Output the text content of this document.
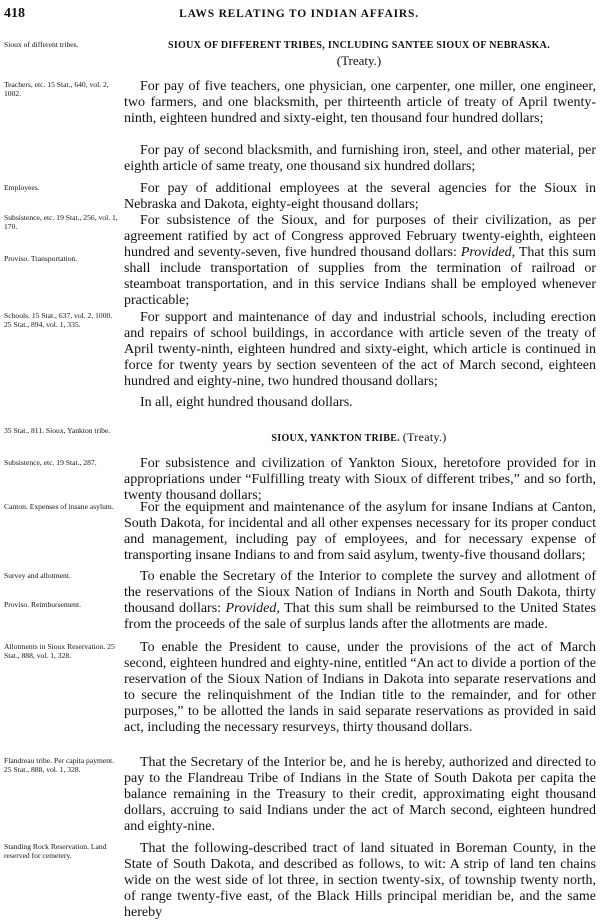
418	LAWS RELATING TO INDIAN AFFAIRS.
Sioux of different tribes.	SIOUX OF DIFFERENT TRIBES, INCLUDING SANTEE SIOUX OF NEBRASKA.
(Treaty.)
Teachers, etc. 15 Stat., 640, vol. 2, 1002.	For pay of five teachers, one physician, one carpenter, one miller, one engineer, two farmers, and one blacksmith, per thirteenth article of treaty of April twenty-ninth, eighteen hundred and sixty-eight, ten thousand four hundred dollars;

For pay of second blacksmith, and furnishing iron, steel, and other material, per eighth article of same treaty, one thousand six hundred dollars;

Employees.	For pay of additional employees at the several agencies for the Sioux in Nebraska and Dakota, eighty-eight thousand dollars;

Subsistence, etc. 19 Stat., 256, vol. 1, 170.
Proviso. Transportation.

For subsistence of the Sioux, and for purposes of their civilization, as per agreement ratified by act of Congress approved February twenty-eighth, eighteen hundred and seventy-seven, five hundred thousand dollars: Provided, That this sum shall include transportation of supplies from the termination of railroad or steamboat transportation, and in this service Indians shall be employed whenever practicable;

Schools. 15 Stat., 637, vol. 2, 1000. 25 Stat., 894, vol. 1, 335.	For support and maintenance of day and industrial schools, including erection and repairs of school buildings, in accordance with article seven of the treaty of April twenty-ninth, eighteen hundred and sixty-eight, which article is continued in force for twenty years by section seventeen of the act of March second, eighteen hundred and eighty-nine, two hundred thousand dollars;

In all, eight hundred thousand dollars.

35 Stat., 811. Sioux, Yankton tribe.
SIOUX, YANKTON TRIBE. (Treaty.)
Subsistence, etc. 19 Stat., 287.	For subsistence and civilization of Yankton Sioux, heretofore provided for in appropriations under “Fulfilling treaty with Sioux of different tribes,” and so forth, twenty thousand dollars;

Canton. Expenses of insane asylum.	For the equipment and maintenance of the asylum for insane Indians at Canton, South Dakota, for incidental and all other expenses necessary for its proper conduct and management, including pay of employees, and for necessary expense of transporting insane Indians to and from said asylum, twenty-five thousand dollars;

Survey and allotment.
Proviso. Reimbursement.

To enable the Secretary of the Interior to complete the survey and allotment of the reservations of the Sioux Nation of Indians in North and South Dakota, thirty thousand dollars: Provided, That this sum shall be reimbursed to the United States from the proceeds of the sale of surplus lands after the allotments are made.

Allotments in Sioux Reservation. 25 Stat., 888, vol. 1, 328.

To enable the President to cause, under the provisions of the act of March second, eighteen hundred and eighty-nine, entitled “An act to divide a portion of the reservation of the Sioux Nation of Indians in Dakota into separate reservations and to secure the relinquishment of the Indian title to the remainder, and for other purposes,” to be allotted the lands in said separate reservations as provided in said act, including the necessary resurveys, thirty thousand dollars.

Flandreau tribe. Per capita payment. 25 Stat., 888, vol. 1, 328.	That the Secretary of the Interior be, and he is hereby, authorized and directed to pay to the Flandreau Tribe of Indians in the State of South Dakota per capita the balance remaining in the Treasury to their credit, approximating eight thousand dollars, accruing to said Indians under the act of March second, eighteen hundred and eighty-nine.

Standing Rock Reservation. Land reserved for cemetery.	That the following-described tract of land situated in Boreman County, in the State of South Dakota, and described as follows, to wit: A strip of land ten chains wide on the west side of lot three, in section twenty-six, of township twenty north, of range twenty-five east, of the Black Hills principal meridian be, and the same hereby
